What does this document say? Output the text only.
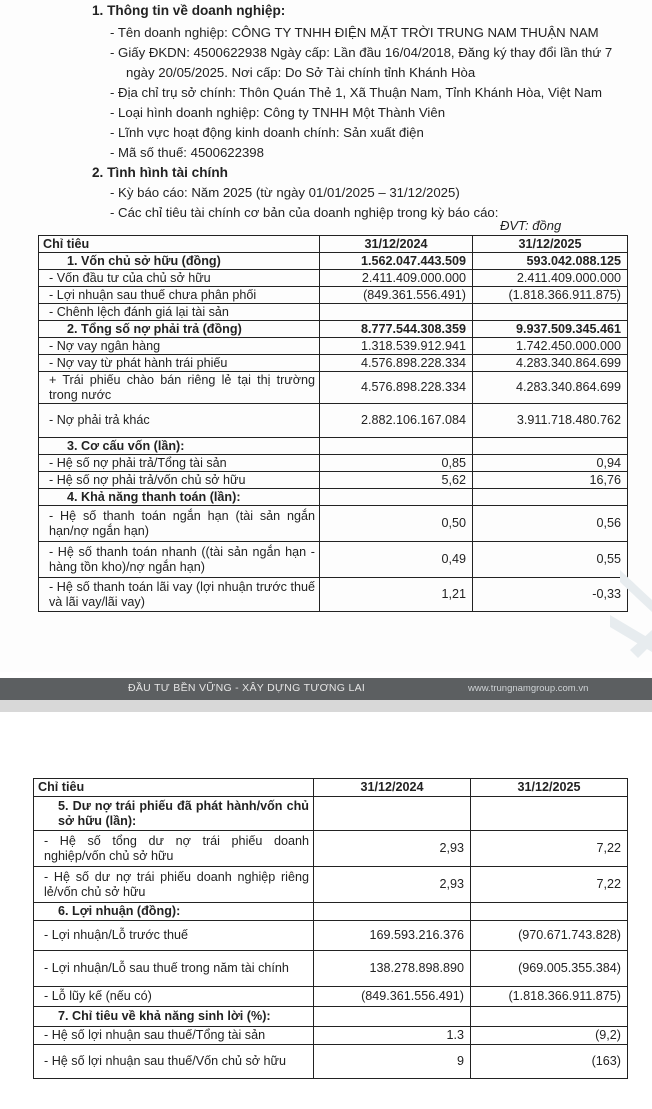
1. Thông tin về doanh nghiệp:
- Tên doanh nghiệp: CÔNG TY TNHH ĐIỆN MẶT TRỜI TRUNG NAM THUẬN NAM
- Giấy ĐKDN: 4500622938 Ngày cấp: Lần đầu 16/04/2018, Đăng ký thay đổi lần thứ 7
ngày 20/05/2025. Nơi cấp: Do Sở Tài chính tỉnh Khánh Hòa
- Địa chỉ trụ sở chính: Thôn Quán Thẻ 1, Xã Thuận Nam, Tỉnh Khánh Hòa, Việt Nam
- Loại hình doanh nghiệp: Công ty TNHH Một Thành Viên
- Lĩnh vực hoạt động kinh doanh chính: Sản xuất điện
- Mã số thuế: 4500622398
2. Tình hình tài chính
- Kỳ báo cáo: Năm 2025 (từ ngày 01/01/2025 – 31/12/2025)
- Các chỉ tiêu tài chính cơ bản của doanh nghiệp trong kỳ báo cáo:
ĐVT: đồng
Chỉ tiêu	31/12/2024	31/12/2025
1. Vốn chủ sở hữu (đồng)	1.562.047.443.509	593.042.088.125
- Vốn đầu tư của chủ sở hữu	2.411.409.000.000	2.411.409.000.000
- Lợi nhuận sau thuế chưa phân phối	(849.361.556.491)	(1.818.366.911.875)
- Chênh lệch đánh giá lại tài sản		
2. Tổng số nợ phải trả (đồng)	8.777.544.308.359	9.937.509.345.461
- Nợ vay ngân hàng	1.318.539.912.941	1.742.450.000.000
- Nợ vay từ phát hành trái phiếu	4.576.898.228.334	4.283.340.864.699
+ Trái phiếu chào bán riêng lẻ tại thị trường trong nước	4.576.898.228.334	4.283.340.864.699
- Nợ phải trả khác	2.882.106.167.084	3.911.718.480.762
3. Cơ cấu vốn (lần):		
- Hệ số nợ phải trả/Tổng tài sản	0,85	0,94
- Hệ số nợ phải trả/vốn chủ sở hữu	5,62	16,76
4. Khả năng thanh toán (lần):		
- Hệ số thanh toán ngắn hạn (tài sản ngắn hạn/nợ ngắn hạn)	0,50	0,56
- Hệ số thanh toán nhanh ((tài sản ngắn hạn - hàng tồn kho)/nợ ngắn hạn)	0,49	0,55
- Hệ số thanh toán lãi vay (lợi nhuận trước thuế và lãi vay/lãi vay)	1,21	-0,33
ĐẦU TƯ BỀN VỮNG - XÂY DỰNG TƯƠNG LAI	www.trungnamgroup.com.vn
Chỉ tiêu	31/12/2024	31/12/2025
5. Dư nợ trái phiếu đã phát hành/vốn chủ sở hữu (lần):		
- Hệ số tổng dư nợ trái phiếu doanh nghiệp/vốn chủ sở hữu	2,93	7,22
- Hệ số dư nợ trái phiếu doanh nghiệp riêng lẻ/vốn chủ sở hữu	2,93	7,22
6. Lợi nhuận (đồng):		
- Lợi nhuận/Lỗ trước thuế	169.593.216.376	(970.671.743.828)
- Lợi nhuận/Lỗ sau thuế trong năm tài chính	138.278.898.890	(969.005.355.384)
- Lỗ lũy kế (nếu có)	(849.361.556.491)	(1.818.366.911.875)
7. Chỉ tiêu về khả năng sinh lời (%):		
- Hệ số lợi nhuận sau thuế/Tổng tài sản	1.3	(9,2)
- Hệ số lợi nhuận sau thuế/Vốn chủ sở hữu	9	(163)
